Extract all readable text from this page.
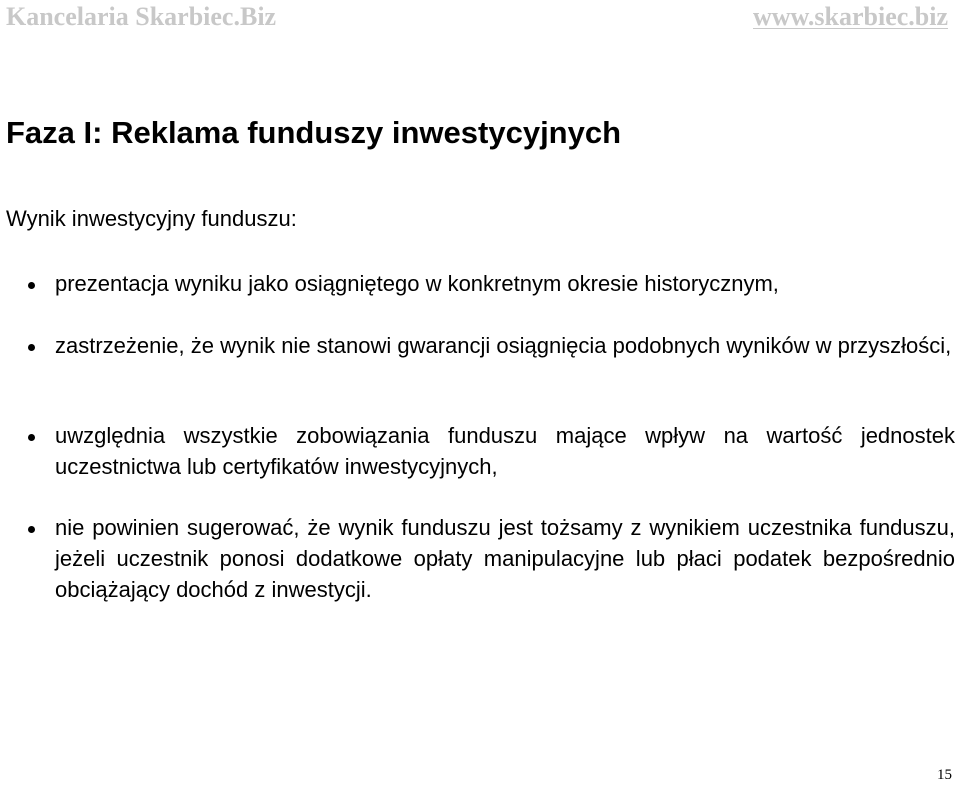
Kancelaria Skarbiec.Biz	www.skarbiec.biz
Faza I: Reklama funduszy inwestycyjnych

Wynik inwestycyjny funduszu:

prezentacja wyniku jako osiągniętego w konkretnym okresie historycznym,

zastrzeżenie, że wynik nie stanowi gwarancji osiągnięcia podobnych wyników w przyszłości,

uwzględnia wszystkie zobowiązania funduszu mające wpływ na wartość jednostek uczestnictwa lub certyfikatów inwestycyjnych,

nie powinien sugerować, że wynik funduszu jest tożsamy z wynikiem uczestnika funduszu, jeżeli uczestnik ponosi dodatkowe opłaty manipulacyjne lub płaci podatek bezpośrednio obciążający dochód z inwestycji.

15
